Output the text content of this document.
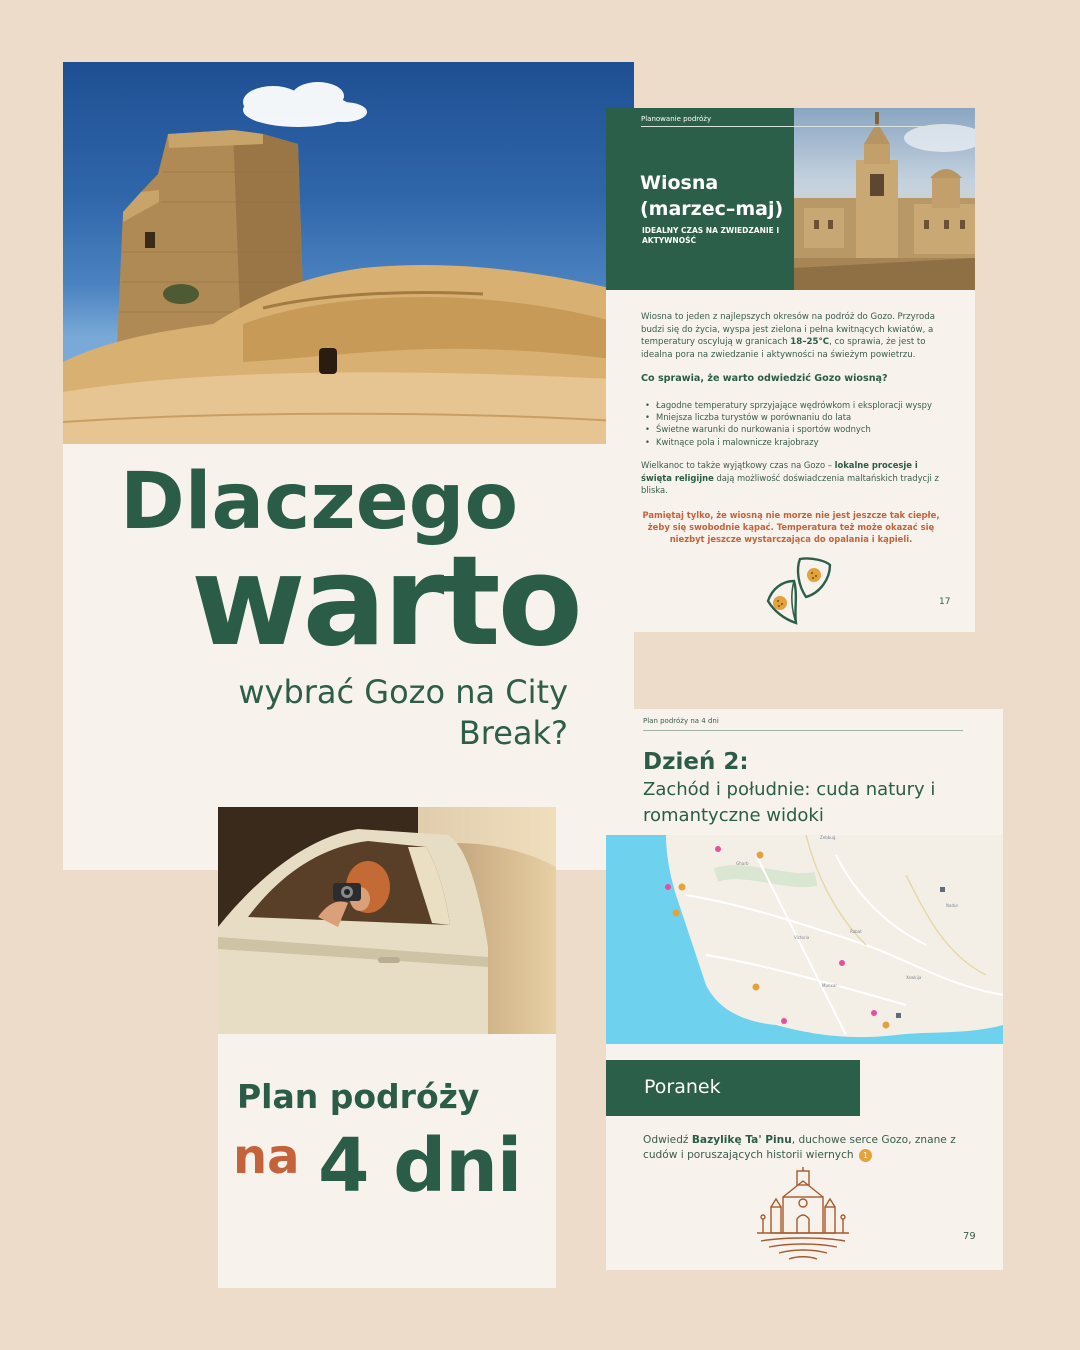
Dlaczego
warto
wybrać Gozo na City Break?
Wiosna (marzec–maj)
IDEALNY CZAS NA ZWIEDZANIE I AKTYWNOŚĆ
Planowanie podróży

Wiosna to jeden z najlepszych okresów na podróż do Gozo. Przyroda budzi się do życia, wyspa jest zielona i pełna kwitnących kwiatów, a temperatury oscylują w granicach 18–25°C, co sprawia, że jest to idealna pora na zwiedzanie i aktywności na świeżym powietrzu.

Co sprawia, że warto odwiedzić Gozo wiosną?
• Łagodne temperatury sprzyjające wędrówkom i eksploracji wyspy
• Mniejsza liczba turystów w porównaniu do lata
• Świetne warunki do nurkowania i sportów wodnych
• Kwitnące pola i malownicze krajobrazy

Wielkanoc to także wyjątkowy czas na Gozo – lokalne procesje i święta religijne dają możliwość doświadczenia maltańskich tradycji z bliska.

Pamiętaj tylko, że wiosną nie morze nie jest jeszcze tak ciepłe, żeby się swobodnie kąpać. Temperatura też może okazać się niezbyt jeszcze wystarczająca do opalania i kąpieli.

17
Plan podróży
na 4 dni
Plan podróży na 4 dni
Dzień 2:
Zachód i południe: cuda natury i romantyczne widoki
Żebbuġ
Għarb
Victoria
Rabat
Xewkija
Munxar
Nadur
Poranek

Odwiedź Bazylikę Ta' Pinu, duchowe serce Gozo, znane z cudów i poruszających historii wiernych 1

79
